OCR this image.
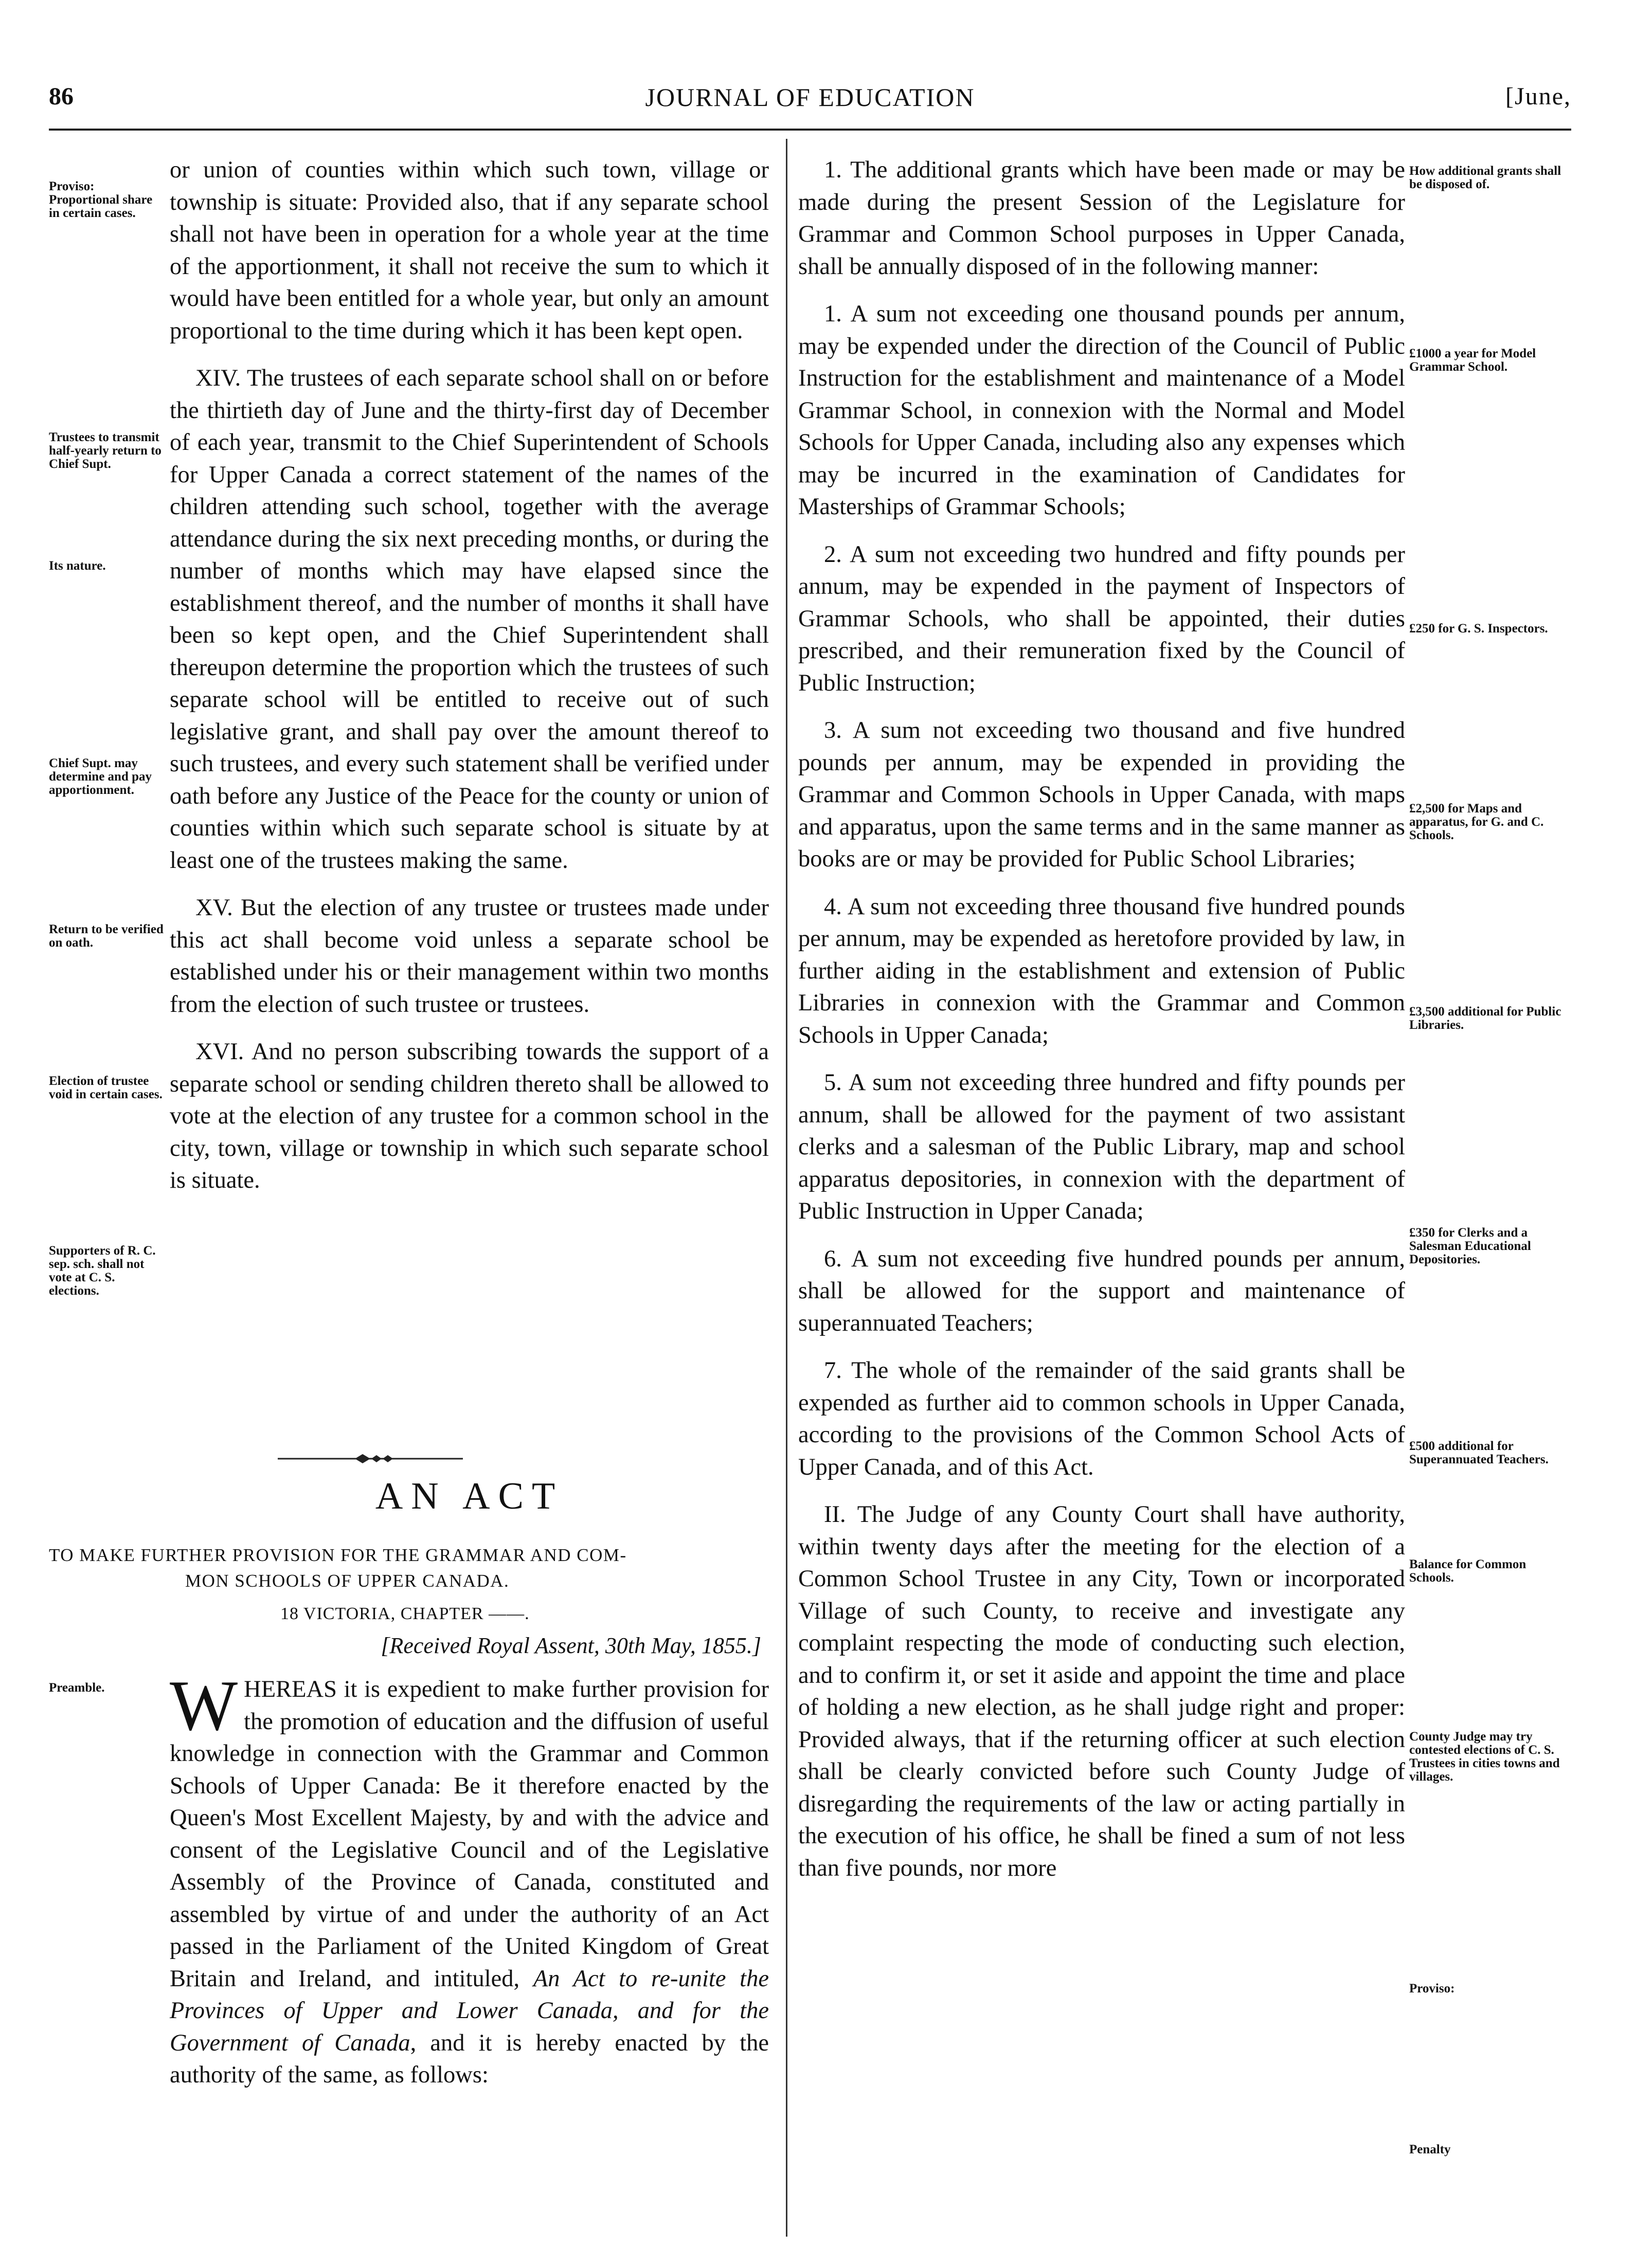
86	JOURNAL OF EDUCATION	[June,
Proviso: Proportional share in certain cases.
Trustees to transmit half-yearly return to Chief Supt.
Its nature.
Chief Supt. may determine and pay apportionment.
Return to be verified on oath.
Election of trustee void in certain cases.
Supporters of R. C. sep. sch. shall not vote at C. S. elections.
Preamble.

or union of counties within which such town, village or township is situate: Provided also, that if any separate school shall not have been in operation for a whole year at the time of the apportionment, it shall not receive the sum to which it would have been entitled for a whole year, but only an amount proportional to the time during which it has been kept open.

XIV. The trustees of each separate school shall on or before the thirtieth day of June and the thirty-first day of December of each year, transmit to the Chief Superintendent of Schools for Upper Canada a correct statement of the names of the children attending such school, together with the average attendance during the six next preceding months, or during the number of months which may have elapsed since the establishment thereof, and the number of months it shall have been so kept open, and the Chief Superintendent shall thereupon determine the proportion which the trustees of such separate school will be entitled to receive out of such legislative grant, and shall pay over the amount thereof to such trustees, and every such statement shall be verified under oath before any Justice of the Peace for the county or union of counties within which such separate school is situate by at least one of the trustees making the same.

XV. But the election of any trustee or trustees made under this act shall become void unless a separate school be established under his or their management within two months from the election of such trustee or trustees.

XVI. And no person subscribing towards the support of a separate school or sending children thereto shall be allowed to vote at the election of any trustee for a common school in the city, town, village or township in which such separate school is situate.

AN ACT
TO MAKE FURTHER PROVISION FOR THE GRAMMAR AND COM-
MON SCHOOLS OF UPPER CANADA.
18 VICTORIA, CHAPTER ——.
[Received Royal Assent, 30th May, 1855.]
WHEREAS it is expedient to make further provision for the promotion of education and the diffusion of useful knowledge in connection with the Grammar and Common Schools of Upper Canada: Be it therefore enacted by the Queen's Most Excellent Majesty, by and with the advice and consent of the Legislative Council and of the Legislative Assembly of the Province of Canada, constituted and assembled by virtue of and under the authority of an Act passed in the Parliament of the United Kingdom of Great Britain and Ireland, and intituled, An Act to re-unite the Provinces of Upper and Lower Canada, and for the Government of Canada, and it is hereby enacted by the authority of the same, as follows:
How additional grants shall be disposed of.
£1000 a year for Model Grammar School.
£250 for G. S. Inspectors.
£2,500 for Maps and apparatus, for G. and C. Schools.
£3,500 additional for Public Libraries.
£350 for Clerks and a Salesman Educational Depositories.
£500 additional for Superannuated Teachers.
Balance for Common Schools.
County Judge may try contested elections of C. S. Trustees in cities towns and villages.
Proviso:
Penalty

1. The additional grants which have been made or may be made during the present Session of the Legislature for Grammar and Common School purposes in Upper Canada, shall be annually disposed of in the following manner:

1. A sum not exceeding one thousand pounds per annum, may be expended under the direction of the Council of Public Instruction for the establishment and maintenance of a Model Grammar School, in connexion with the Normal and Model Schools for Upper Canada, including also any expenses which may be incurred in the examination of Candidates for Masterships of Grammar Schools;

2. A sum not exceeding two hundred and fifty pounds per annum, may be expended in the payment of Inspectors of Grammar Schools, who shall be appointed, their duties prescribed, and their remuneration fixed by the Council of Public Instruction;

3. A sum not exceeding two thousand and five hundred pounds per annum, may be expended in providing the Grammar and Common Schools in Upper Canada, with maps and apparatus, upon the same terms and in the same manner as books are or may be provided for Public School Libraries;

4. A sum not exceeding three thousand five hundred pounds per annum, may be expended as heretofore provided by law, in further aiding in the establishment and extension of Public Libraries in connexion with the Grammar and Common Schools in Upper Canada;

5. A sum not exceeding three hundred and fifty pounds per annum, shall be allowed for the payment of two assistant clerks and a salesman of the Public Library, map and school apparatus depositories, in connexion with the department of Public Instruction in Upper Canada;

6. A sum not exceeding five hundred pounds per annum, shall be allowed for the support and maintenance of superannuated Teachers;

7. The whole of the remainder of the said grants shall be expended as further aid to common schools in Upper Canada, according to the provisions of the Common School Acts of Upper Canada, and of this Act.

II. The Judge of any County Court shall have authority, within twenty days after the meeting for the election of a Common School Trustee in any City, Town or incorporated Village of such County, to receive and investigate any complaint respecting the mode of conducting such election, and to confirm it, or set it aside and appoint the time and place of holding a new election, as he shall judge right and proper: Provided always, that if the returning officer at such election shall be clearly convicted before such County Judge of disregarding the requirements of the law or acting partially in the execution of his office, he shall be fined a sum of not less than five pounds, nor more
